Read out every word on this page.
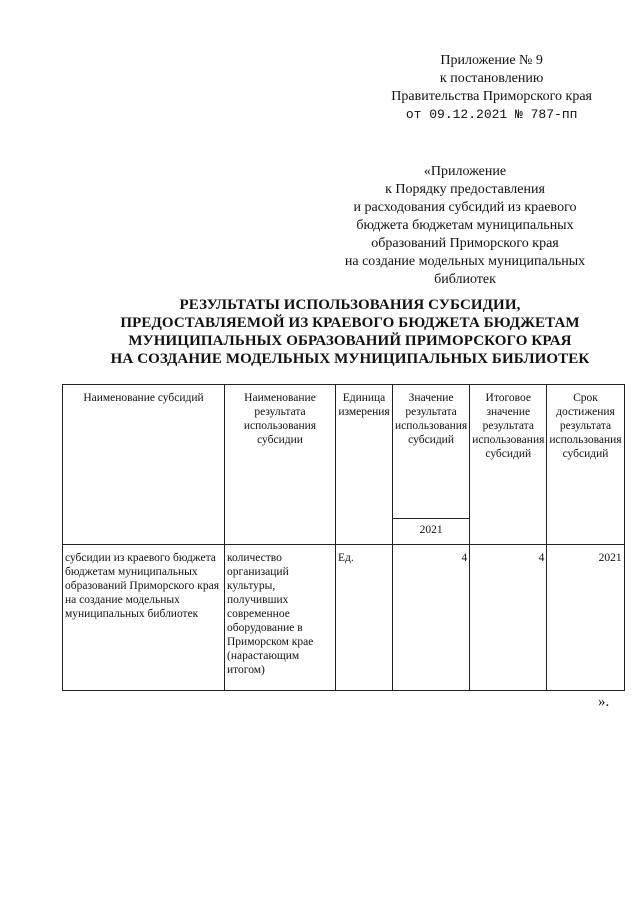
Приложение № 9
к постановлению
Правительства Приморского края
от 09.12.2021 № 787-пп
«Приложение
к Порядку предоставления
и расходования субсидий из краевого
бюджета бюджетам муниципальных
образований Приморского края
на создание модельных муниципальных
библиотек
РЕЗУЛЬТАТЫ ИСПОЛЬЗОВАНИЯ СУБСИДИИ,
ПРЕДОСТАВЛЯЕМОЙ ИЗ КРАЕВОГО БЮДЖЕТА БЮДЖЕТАМ
МУНИЦИПАЛЬНЫХ ОБРАЗОВАНИЙ ПРИМОРСКОГО КРАЯ
НА СОЗДАНИЕ МОДЕЛЬНЫХ МУНИЦИПАЛЬНЫХ БИБЛИОТЕК
Наименование субсидий	Наименование результата использования субсидии	Единица измерения	Значение результата использования субсидий	Итоговое значение результата использования субсидий	Срок достижения результата использования субсидий
			2021		
субсидии из краевого бюджета бюджетам муниципальных образований Приморского края на создание модельных муниципальных библиотек	количество организаций культуры, получивших современное оборудование в Приморском крае (нарастающим итогом)	Ед.	4	4	2021
».
